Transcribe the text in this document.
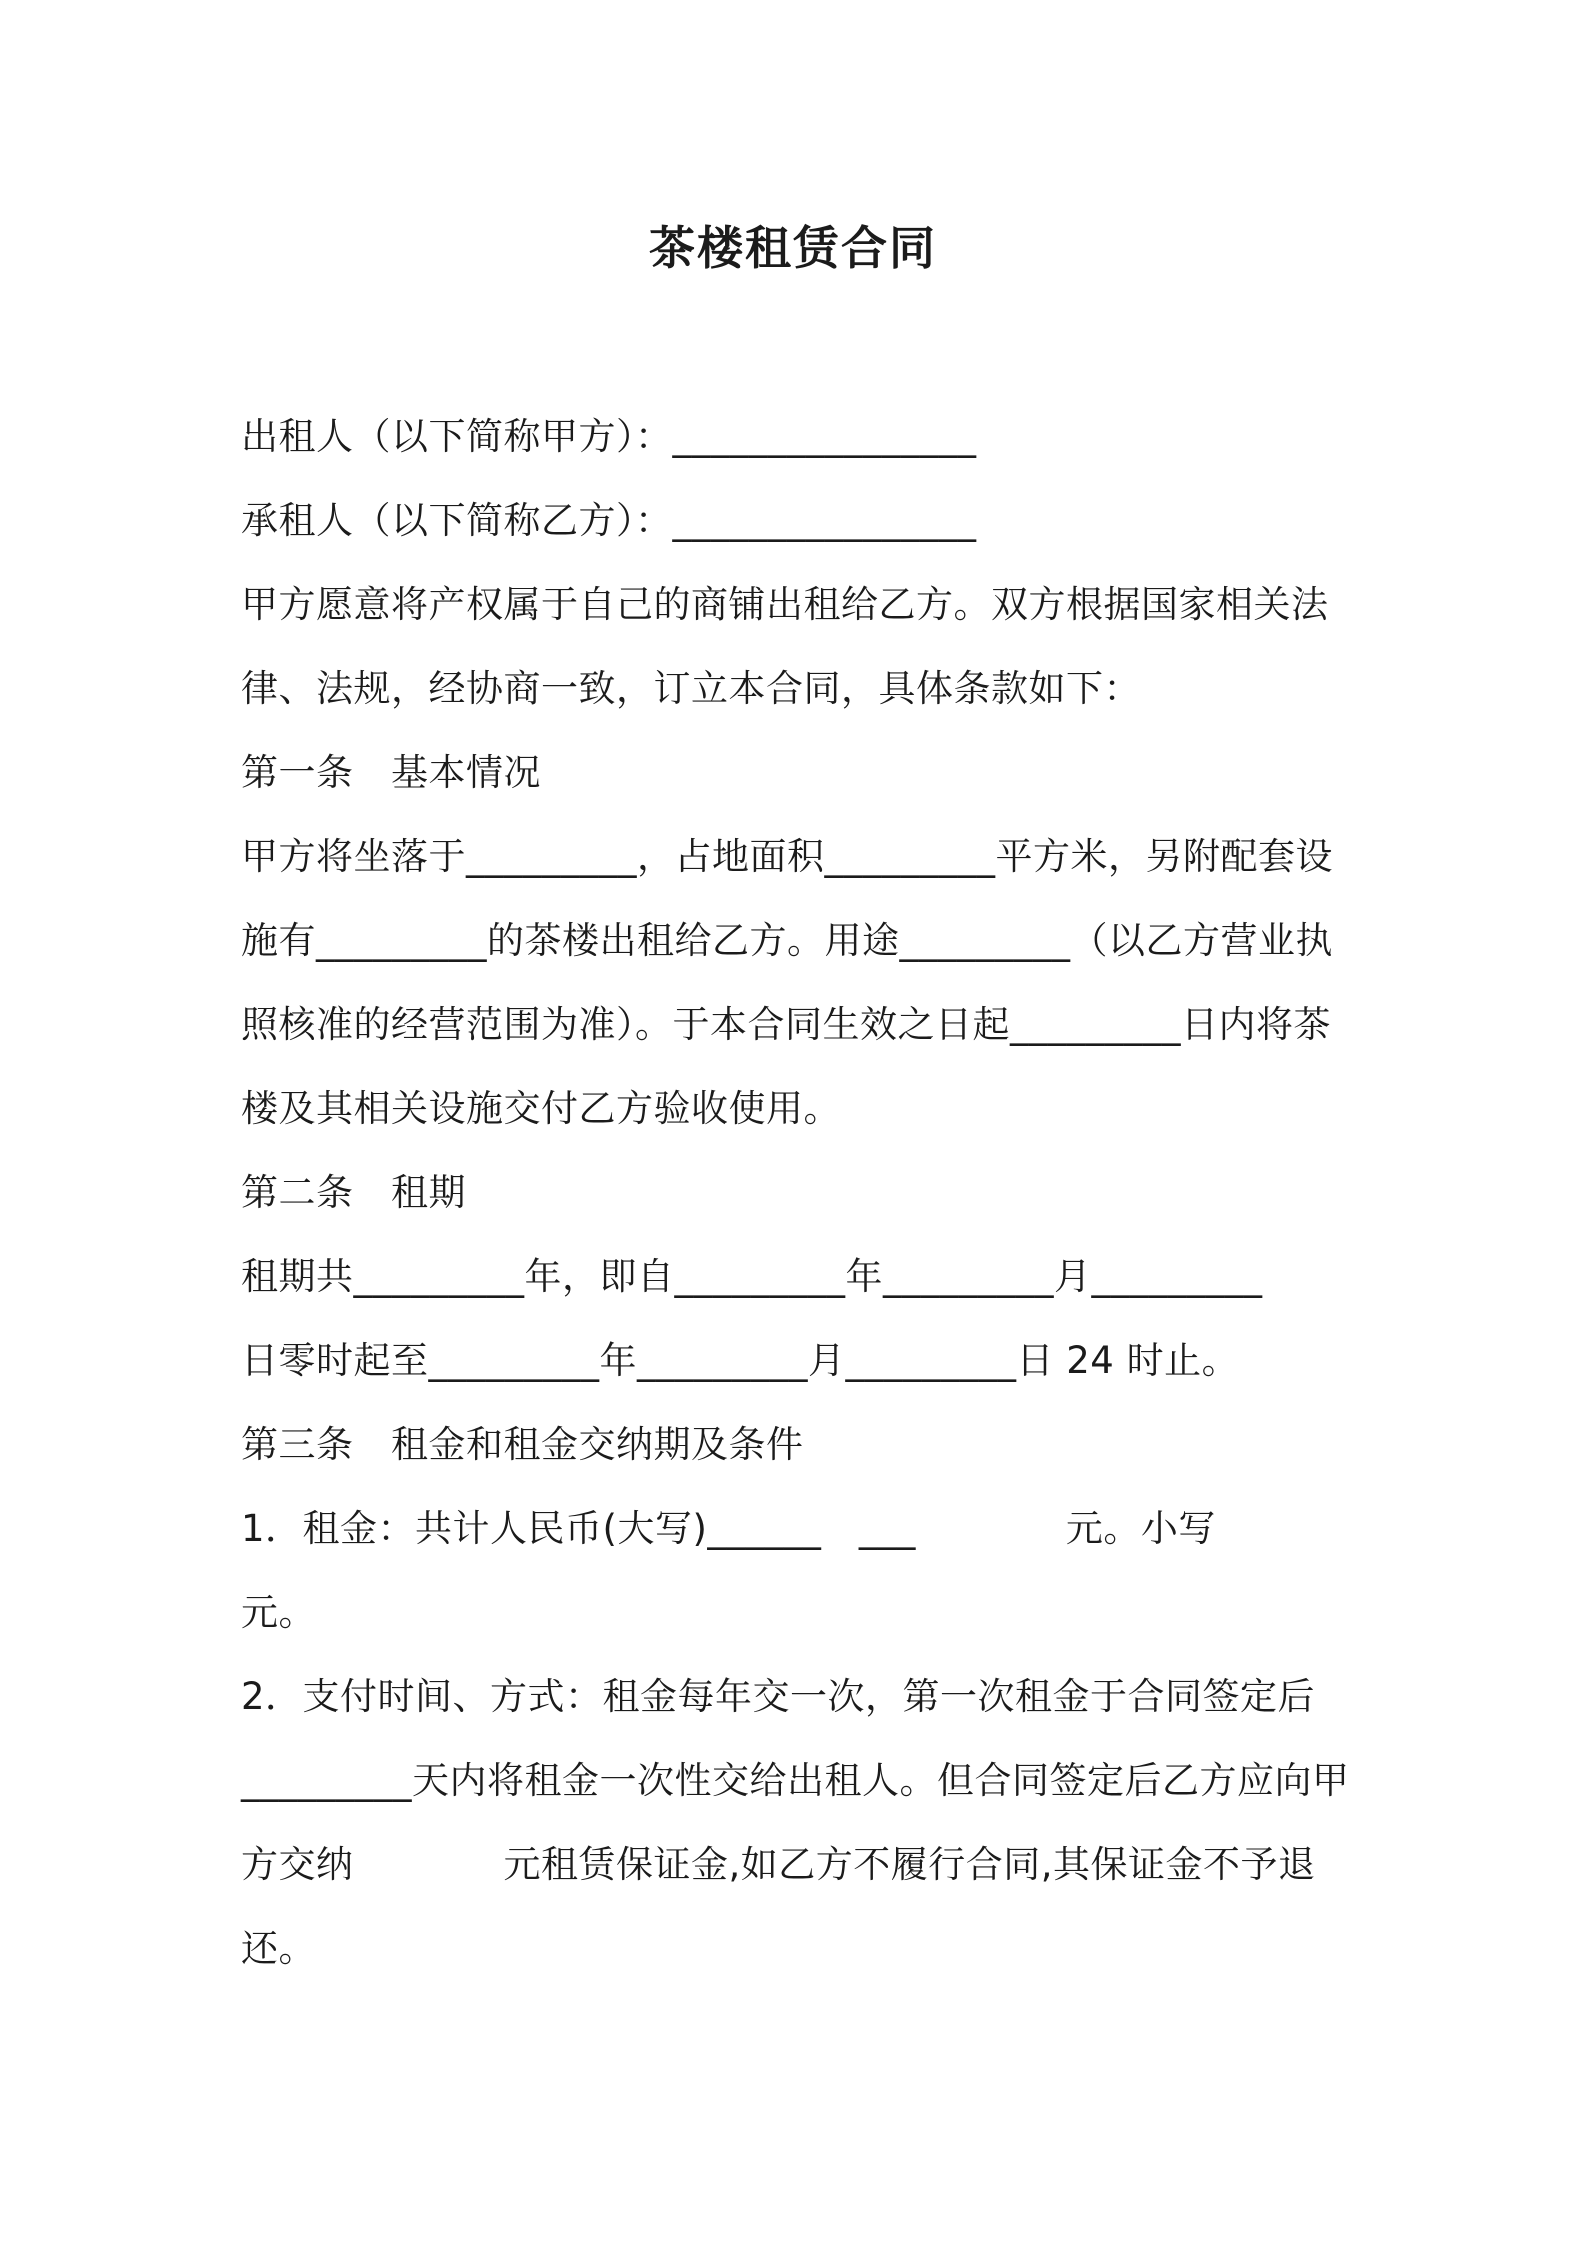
茶楼租赁合同
出租人（以下简称甲方）：________________
承租人（以下简称乙方）：________________
甲方愿意将产权属于自己的商铺出租给乙方。双方根据国家相关法
律、法规，经协商一致，订立本合同，具体条款如下：
第一条　基本情况
甲方将坐落于_________，占地面积_________平方米，另附配套设
施有_________的茶楼出租给乙方。用途_________（以乙方营业执
照核准的经营范围为准）。于本合同生效之日起_________日内将茶
楼及其相关设施交付乙方验收使用。
第二条　租期
租期共_________年，即自_________年_________月_________
日零时起至_________年_________月_________日 24 时止。
第三条　租金和租金交纳期及条件
1．租金：共计人民币(大写)______　___　　　　元。小写
元。
2．支付时间、方式：租金每年交一次，第一次租金于合同签定后
_________天内将租金一次性交给出租人。但合同签定后乙方应向甲
方交纳　　　　元租赁保证金,如乙方不履行合同,其保证金不予退
还。
